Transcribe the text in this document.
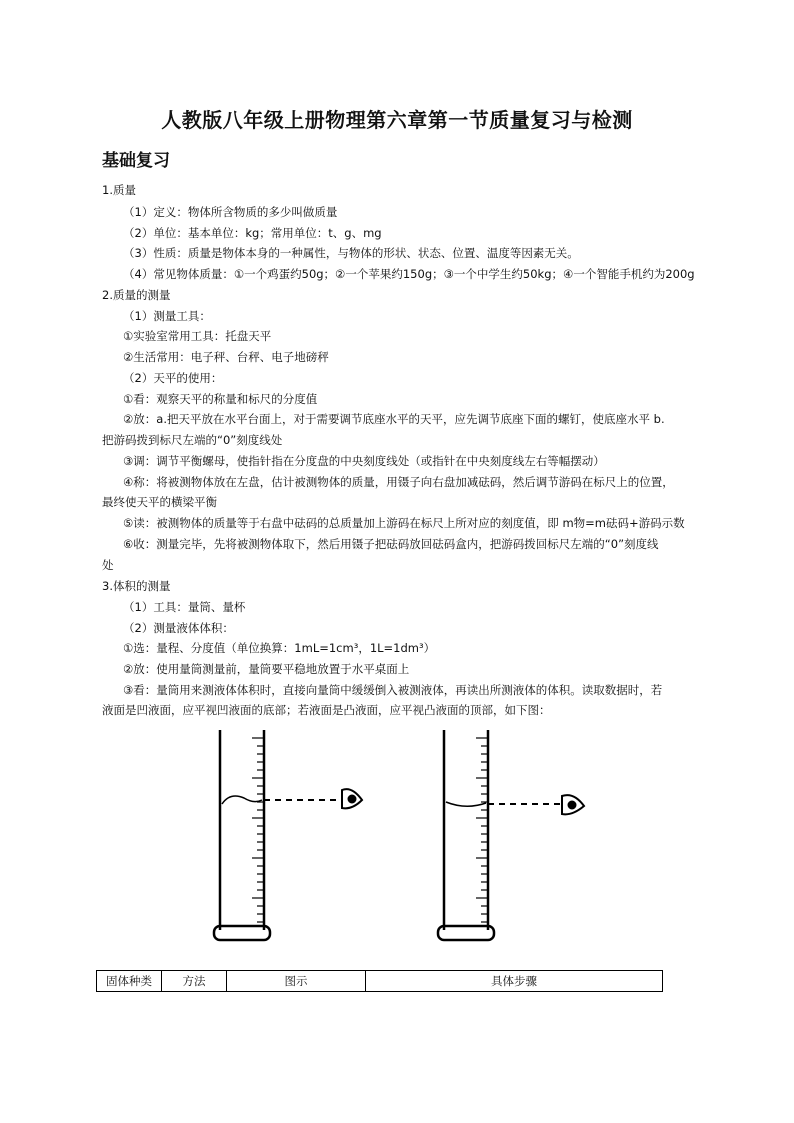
人教版八年级上册物理第六章第一节质量复习与检测
基础复习
1.质量
（1）定义：物体所含物质的多少叫做质量
（2）单位：基本单位：kg；常用单位：t、g、mg
（3）性质：质量是物体本身的一种属性，与物体的形状、状态、位置、温度等因素无关。
（4）常见物体质量：①一个鸡蛋约50g；②一个苹果约150g；③一个中学生约50kg；④一个智能手机约为200g
2.质量的测量
（1）测量工具：
①实验室常用工具：托盘天平
②生活常用：电子秤、台秤、电子地磅秤
（2）天平的使用：
①看：观察天平的称量和标尺的分度值
②放：a.把天平放在水平台面上，对于需要调节底座水平的天平，应先调节底座下面的螺钉，使底座水平 b.
把游码拨到标尺左端的“0”刻度线处
③调：调节平衡螺母，使指针指在分度盘的中央刻度线处（或指针在中央刻度线左右等幅摆动）
④称：将被测物体放在左盘，估计被测物体的质量，用镊子向右盘加减砝码，然后调节游码在标尺上的位置，
最终使天平的横梁平衡
⑤读：被测物体的质量等于右盘中砝码的总质量加上游码在标尺上所对应的刻度值，即 m物=m砝码+游码示数
⑥收：测量完毕，先将被测物体取下，然后用镊子把砝码放回砝码盒内，把游码拨回标尺左端的“0”刻度线
处
3.体积的测量
（1）工具：量筒、量杯
（2）测量液体体积：
①选：量程、分度值（单位换算：1mL=1cm³，1L=1dm³）
②放：使用量筒测量前，量筒要平稳地放置于水平桌面上
③看：量筒用来测液体体积时，直接向量筒中缓缓倒入被测液体，再读出所测液体的体积。读取数据时，若
液面是凹液面，应平视凹液面的底部；若液面是凸液面，应平视凸液面的顶部，如下图：
固体种类	方法	图示	具体步骤
